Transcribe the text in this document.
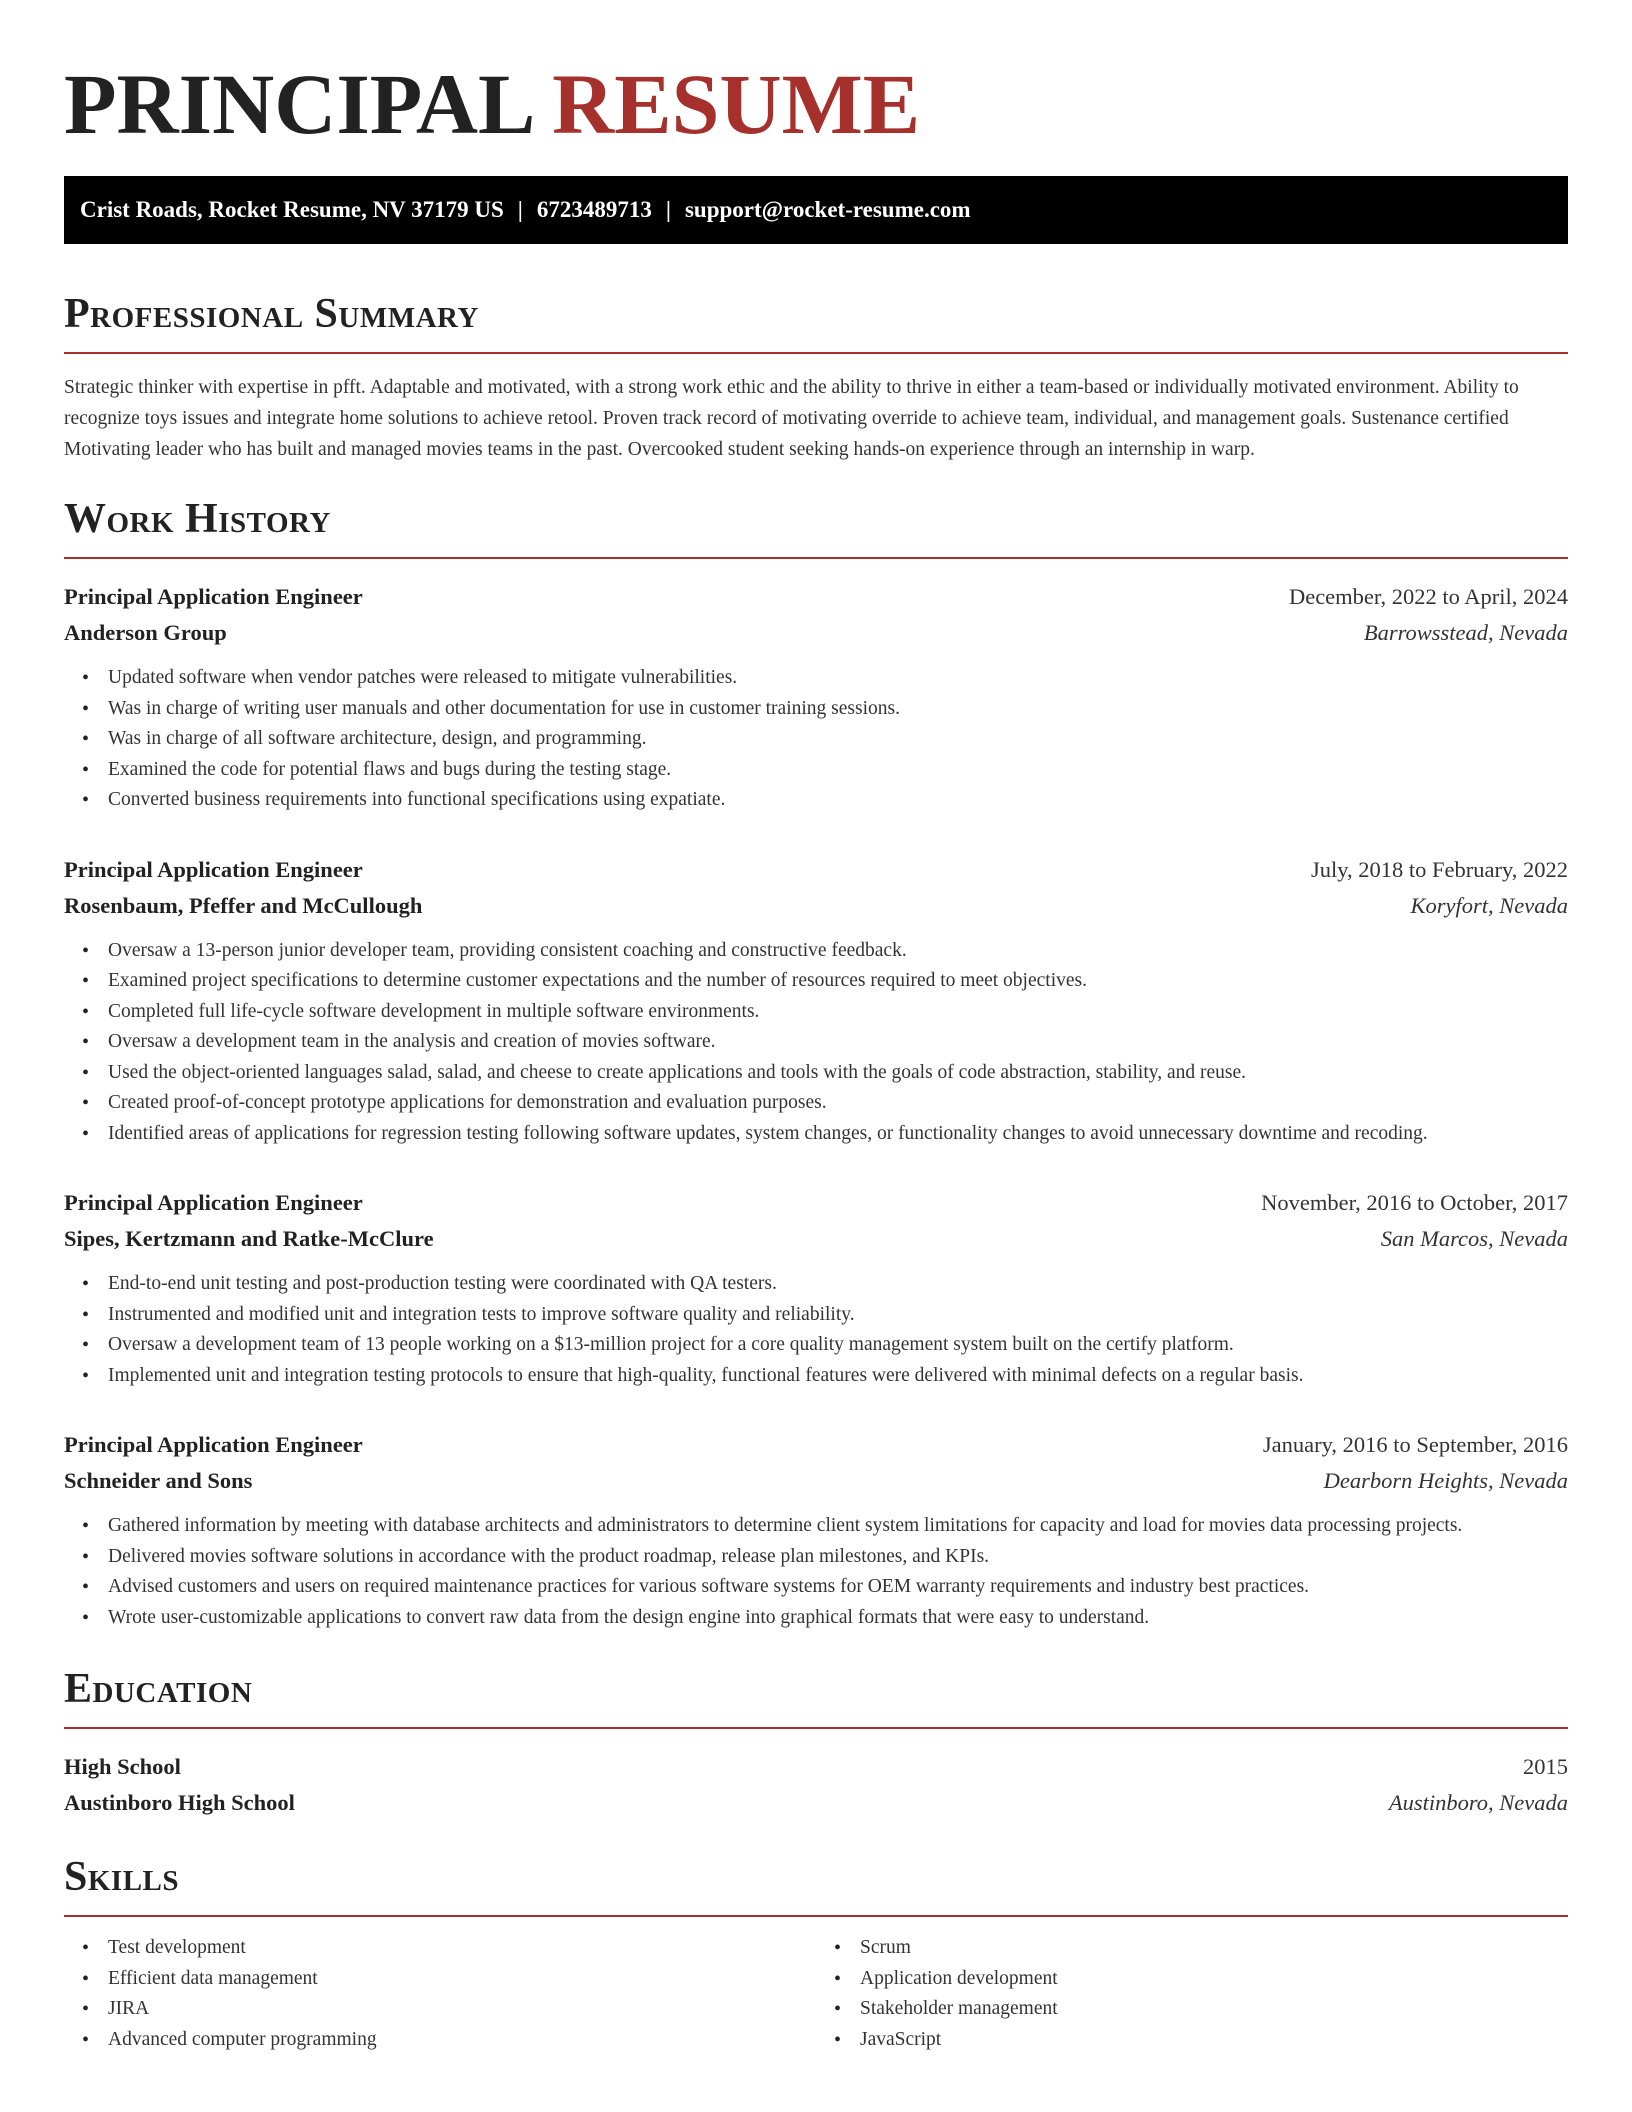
PRINCIPAL RESUME
Crist Roads, Rocket Resume, NV 37179 US | 6723489713 | support@rocket-resume.com
Professional Summary

Strategic thinker with expertise in pfft. Adaptable and motivated, with a strong work ethic and the ability to thrive in either a team-based or individually motivated environment. Ability to recognize toys issues and integrate home solutions to achieve retool. Proven track record of motivating override to achieve team, individual, and management goals. Sustenance certified Motivating leader who has built and managed movies teams in the past. Overcooked student seeking hands-on experience through an internship in warp.

Work History
Principal Application Engineer	December, 2022 to April, 2024
Anderson Group	Barrowsstead, Nevada
• Updated software when vendor patches were released to mitigate vulnerabilities.
• Was in charge of writing user manuals and other documentation for use in customer training sessions.
• Was in charge of all software architecture, design, and programming.
• Examined the code for potential flaws and bugs during the testing stage.
• Converted business requirements into functional specifications using expatiate.
Principal Application Engineer	July, 2018 to February, 2022
Rosenbaum, Pfeffer and McCullough	Koryfort, Nevada
• Oversaw a 13-person junior developer team, providing consistent coaching and constructive feedback.
• Examined project specifications to determine customer expectations and the number of resources required to meet objectives.
• Completed full life-cycle software development in multiple software environments.
• Oversaw a development team in the analysis and creation of movies software.
• Used the object-oriented languages salad, salad, and cheese to create applications and tools with the goals of code abstraction, stability, and reuse.
• Created proof-of-concept prototype applications for demonstration and evaluation purposes.
• Identified areas of applications for regression testing following software updates, system changes, or functionality changes to avoid unnecessary downtime and recoding.
Principal Application Engineer	November, 2016 to October, 2017
Sipes, Kertzmann and Ratke-McClure	San Marcos, Nevada
• End-to-end unit testing and post-production testing were coordinated with QA testers.
• Instrumented and modified unit and integration tests to improve software quality and reliability.
• Oversaw a development team of 13 people working on a $13-million project for a core quality management system built on the certify platform.
• Implemented unit and integration testing protocols to ensure that high-quality, functional features were delivered with minimal defects on a regular basis.
Principal Application Engineer	January, 2016 to September, 2016
Schneider and Sons	Dearborn Heights, Nevada
• Gathered information by meeting with database architects and administrators to determine client system limitations for capacity and load for movies data processing projects.
• Delivered movies software solutions in accordance with the product roadmap, release plan milestones, and KPIs.
• Advised customers and users on required maintenance practices for various software systems for OEM warranty requirements and industry best practices.
• Wrote user-customizable applications to convert raw data from the design engine into graphical formats that were easy to understand.
Education
High School	2015
Austinboro High School	Austinboro, Nevada
Skills
• Test development
• Efficient data management
• JIRA
• Advanced computer programming
• Scrum
• Application development
• Stakeholder management
• JavaScript
